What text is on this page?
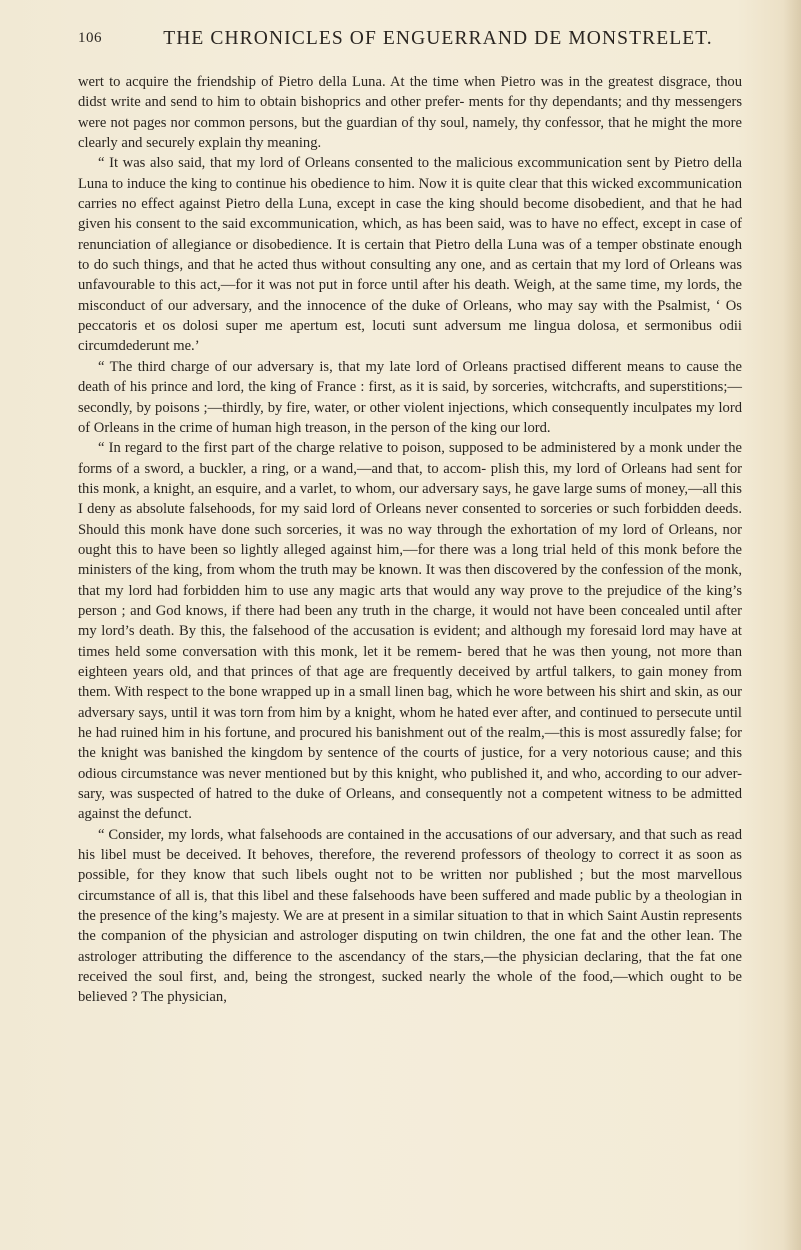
106	THE CHRONICLES OF ENGUERRAND DE MONSTRELET.

wert to acquire the friendship of Pietro della Luna. At the time when Pietro was in the greatest disgrace, thou didst write and send to him to obtain bishoprics and other prefer- ments for thy dependants; and thy messengers were not pages nor common persons, but the guardian of thy soul, namely, thy confessor, that he might the more clearly and securely explain thy meaning.

“ It was also said, that my lord of Orleans consented to the malicious excommunication sent by Pietro della Luna to induce the king to continue his obedience to him. Now it is quite clear that this wicked excommunication carries no effect against Pietro della Luna, except in case the king should become disobedient, and that he had given his consent to the said excommunication, which, as has been said, was to have no effect, except in case of renunciation of allegiance or disobedience. It is certain that Pietro della Luna was of a temper obstinate enough to do such things, and that he acted thus without consulting any one, and as certain that my lord of Orleans was unfavourable to this act,—for it was not put in force until after his death. Weigh, at the same time, my lords, the misconduct of our adversary, and the innocence of the duke of Orleans, who may say with the Psalmist, ‘ Os peccatoris et os dolosi super me apertum est, locuti sunt adversum me lingua dolosa, et sermonibus odii circumdederunt me.’

“ The third charge of our adversary is, that my late lord of Orleans practised different means to cause the death of his prince and lord, the king of France : first, as it is said, by sorceries, witchcrafts, and superstitions;—secondly, by poisons ;—thirdly, by fire, water, or other violent injections, which consequently inculpates my lord of Orleans in the crime of human high treason, in the person of the king our lord.

“ In regard to the first part of the charge relative to poison, supposed to be administered by a monk under the forms of a sword, a buckler, a ring, or a wand,—and that, to accom- plish this, my lord of Orleans had sent for this monk, a knight, an esquire, and a varlet, to whom, our adversary says, he gave large sums of money,—all this I deny as absolute falsehoods, for my said lord of Orleans never consented to sorceries or such forbidden deeds. Should this monk have done such sorceries, it was no way through the exhortation of my lord of Orleans, nor ought this to have been so lightly alleged against him,—for there was a long trial held of this monk before the ministers of the king, from whom the truth may be known. It was then discovered by the confession of the monk, that my lord had forbidden him to use any magic arts that would any way prove to the prejudice of the king’s person ; and God knows, if there had been any truth in the charge, it would not have been concealed until after my lord’s death. By this, the falsehood of the accusation is evident; and although my foresaid lord may have at times held some conversation with this monk, let it be remem- bered that he was then young, not more than eighteen years old, and that princes of that age are frequently deceived by artful talkers, to gain money from them. With respect to the bone wrapped up in a small linen bag, which he wore between his shirt and skin, as our adversary says, until it was torn from him by a knight, whom he hated ever after, and continued to persecute until he had ruined him in his fortune, and procured his banishment out of the realm,—this is most assuredly false; for the knight was banished the kingdom by sentence of the courts of justice, for a very notorious cause; and this odious circumstance was never mentioned but by this knight, who published it, and who, according to our adver- sary, was suspected of hatred to the duke of Orleans, and consequently not a competent witness to be admitted against the defunct.

“ Consider, my lords, what falsehoods are contained in the accusations of our adversary, and that such as read his libel must be deceived. It behoves, therefore, the reverend professors of theology to correct it as soon as possible, for they know that such libels ought not to be written nor published ; but the most marvellous circumstance of all is, that this libel and these falsehoods have been suffered and made public by a theologian in the presence of the king’s majesty. We are at present in a similar situation to that in which Saint Austin represents the companion of the physician and astrologer disputing on twin children, the one fat and the other lean. The astrologer attributing the difference to the ascendancy of the stars,—the physician declaring, that the fat one received the soul first, and, being the strongest, sucked nearly the whole of the food,—which ought to be believed ? The physician,
